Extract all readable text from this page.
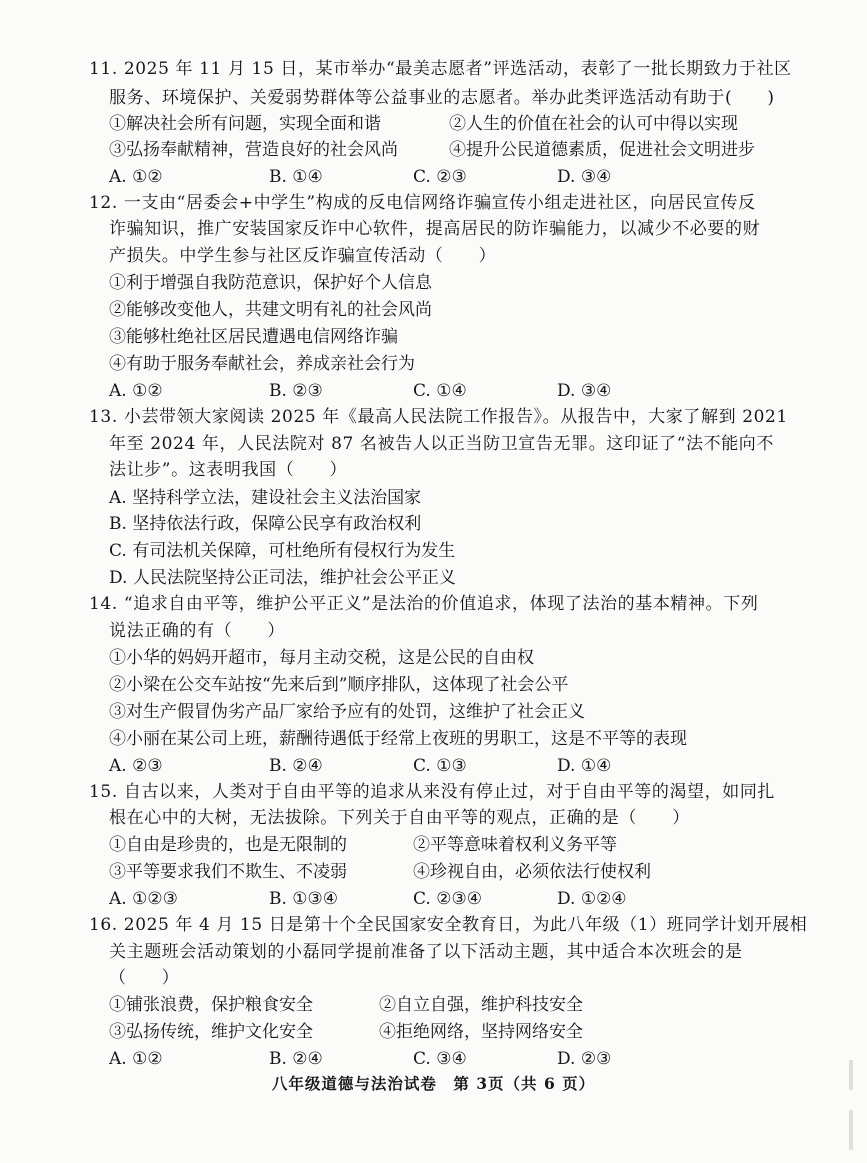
11. 2025 年 11 月 15 日，某市举办“最美志愿者”评选活动，表彰了一批长期致力于社区
服务、环境保护、关爱弱势群体等公益事业的志愿者。举办此类评选活动有助于(　　)
①解决社会所有问题，实现全面和谐	②人生的价值在社会的认可中得以实现
③弘扬奉献精神，营造良好的社会风尚	④提升公民道德素质，促进社会文明进步
A. ①②	B. ①④	C. ②③	D. ③④
12. 一支由“居委会+中学生”构成的反电信网络诈骗宣传小组走进社区，向居民宣传反
诈骗知识，推广安装国家反诈中心软件，提高居民的防诈骗能力，以减少不必要的财
产损失。中学生参与社区反诈骗宣传活动（　　）
①利于增强自我防范意识，保护好个人信息
②能够改变他人，共建文明有礼的社会风尚
③能够杜绝社区居民遭遇电信网络诈骗
④有助于服务奉献社会，养成亲社会行为
A. ①②	B. ②③	C. ①④	D. ③④
13. 小芸带领大家阅读 2025 年《最高人民法院工作报告》。从报告中，大家了解到 2021
年至 2024 年，人民法院对 87 名被告人以正当防卫宣告无罪。这印证了“法不能向不
法让步”。这表明我国（　　）
A. 坚持科学立法，建设社会主义法治国家
B. 坚持依法行政，保障公民享有政治权利
C. 有司法机关保障，可杜绝所有侵权行为发生
D. 人民法院坚持公正司法，维护社会公平正义
14. “追求自由平等，维护公平正义”是法治的价值追求，体现了法治的基本精神。下列
说法正确的有（　　）
①小华的妈妈开超市，每月主动交税，这是公民的自由权
②小梁在公交车站按“先来后到”顺序排队，这体现了社会公平
③对生产假冒伪劣产品厂家给予应有的处罚，这维护了社会正义
④小丽在某公司上班，薪酬待遇低于经常上夜班的男职工，这是不平等的表现
A. ②③	B. ②④	C. ①③	D. ①④
15. 自古以来，人类对于自由平等的追求从来没有停止过，对于自由平等的渴望，如同扎
根在心中的大树，无法拔除。下列关于自由平等的观点，正确的是（　　）
①自由是珍贵的，也是无限制的	②平等意味着权利义务平等
③平等要求我们不欺生、不凌弱	④珍视自由，必须依法行使权利
A. ①②③	B. ①③④	C. ②③④	D. ①②④
16. 2025 年 4 月 15 日是第十个全民国家安全教育日，为此八年级（1）班同学计划开展相
关主题班会活动策划的小磊同学提前准备了以下活动主题，其中适合本次班会的是
（　　）
①铺张浪费，保护粮食安全	②自立自强，维护科技安全
③弘扬传统，维护文化安全	④拒绝网络，坚持网络安全
A. ①②	B. ②④	C. ③④	D. ②③
八年级道德与法治试卷　第 3页（共 6 页）
